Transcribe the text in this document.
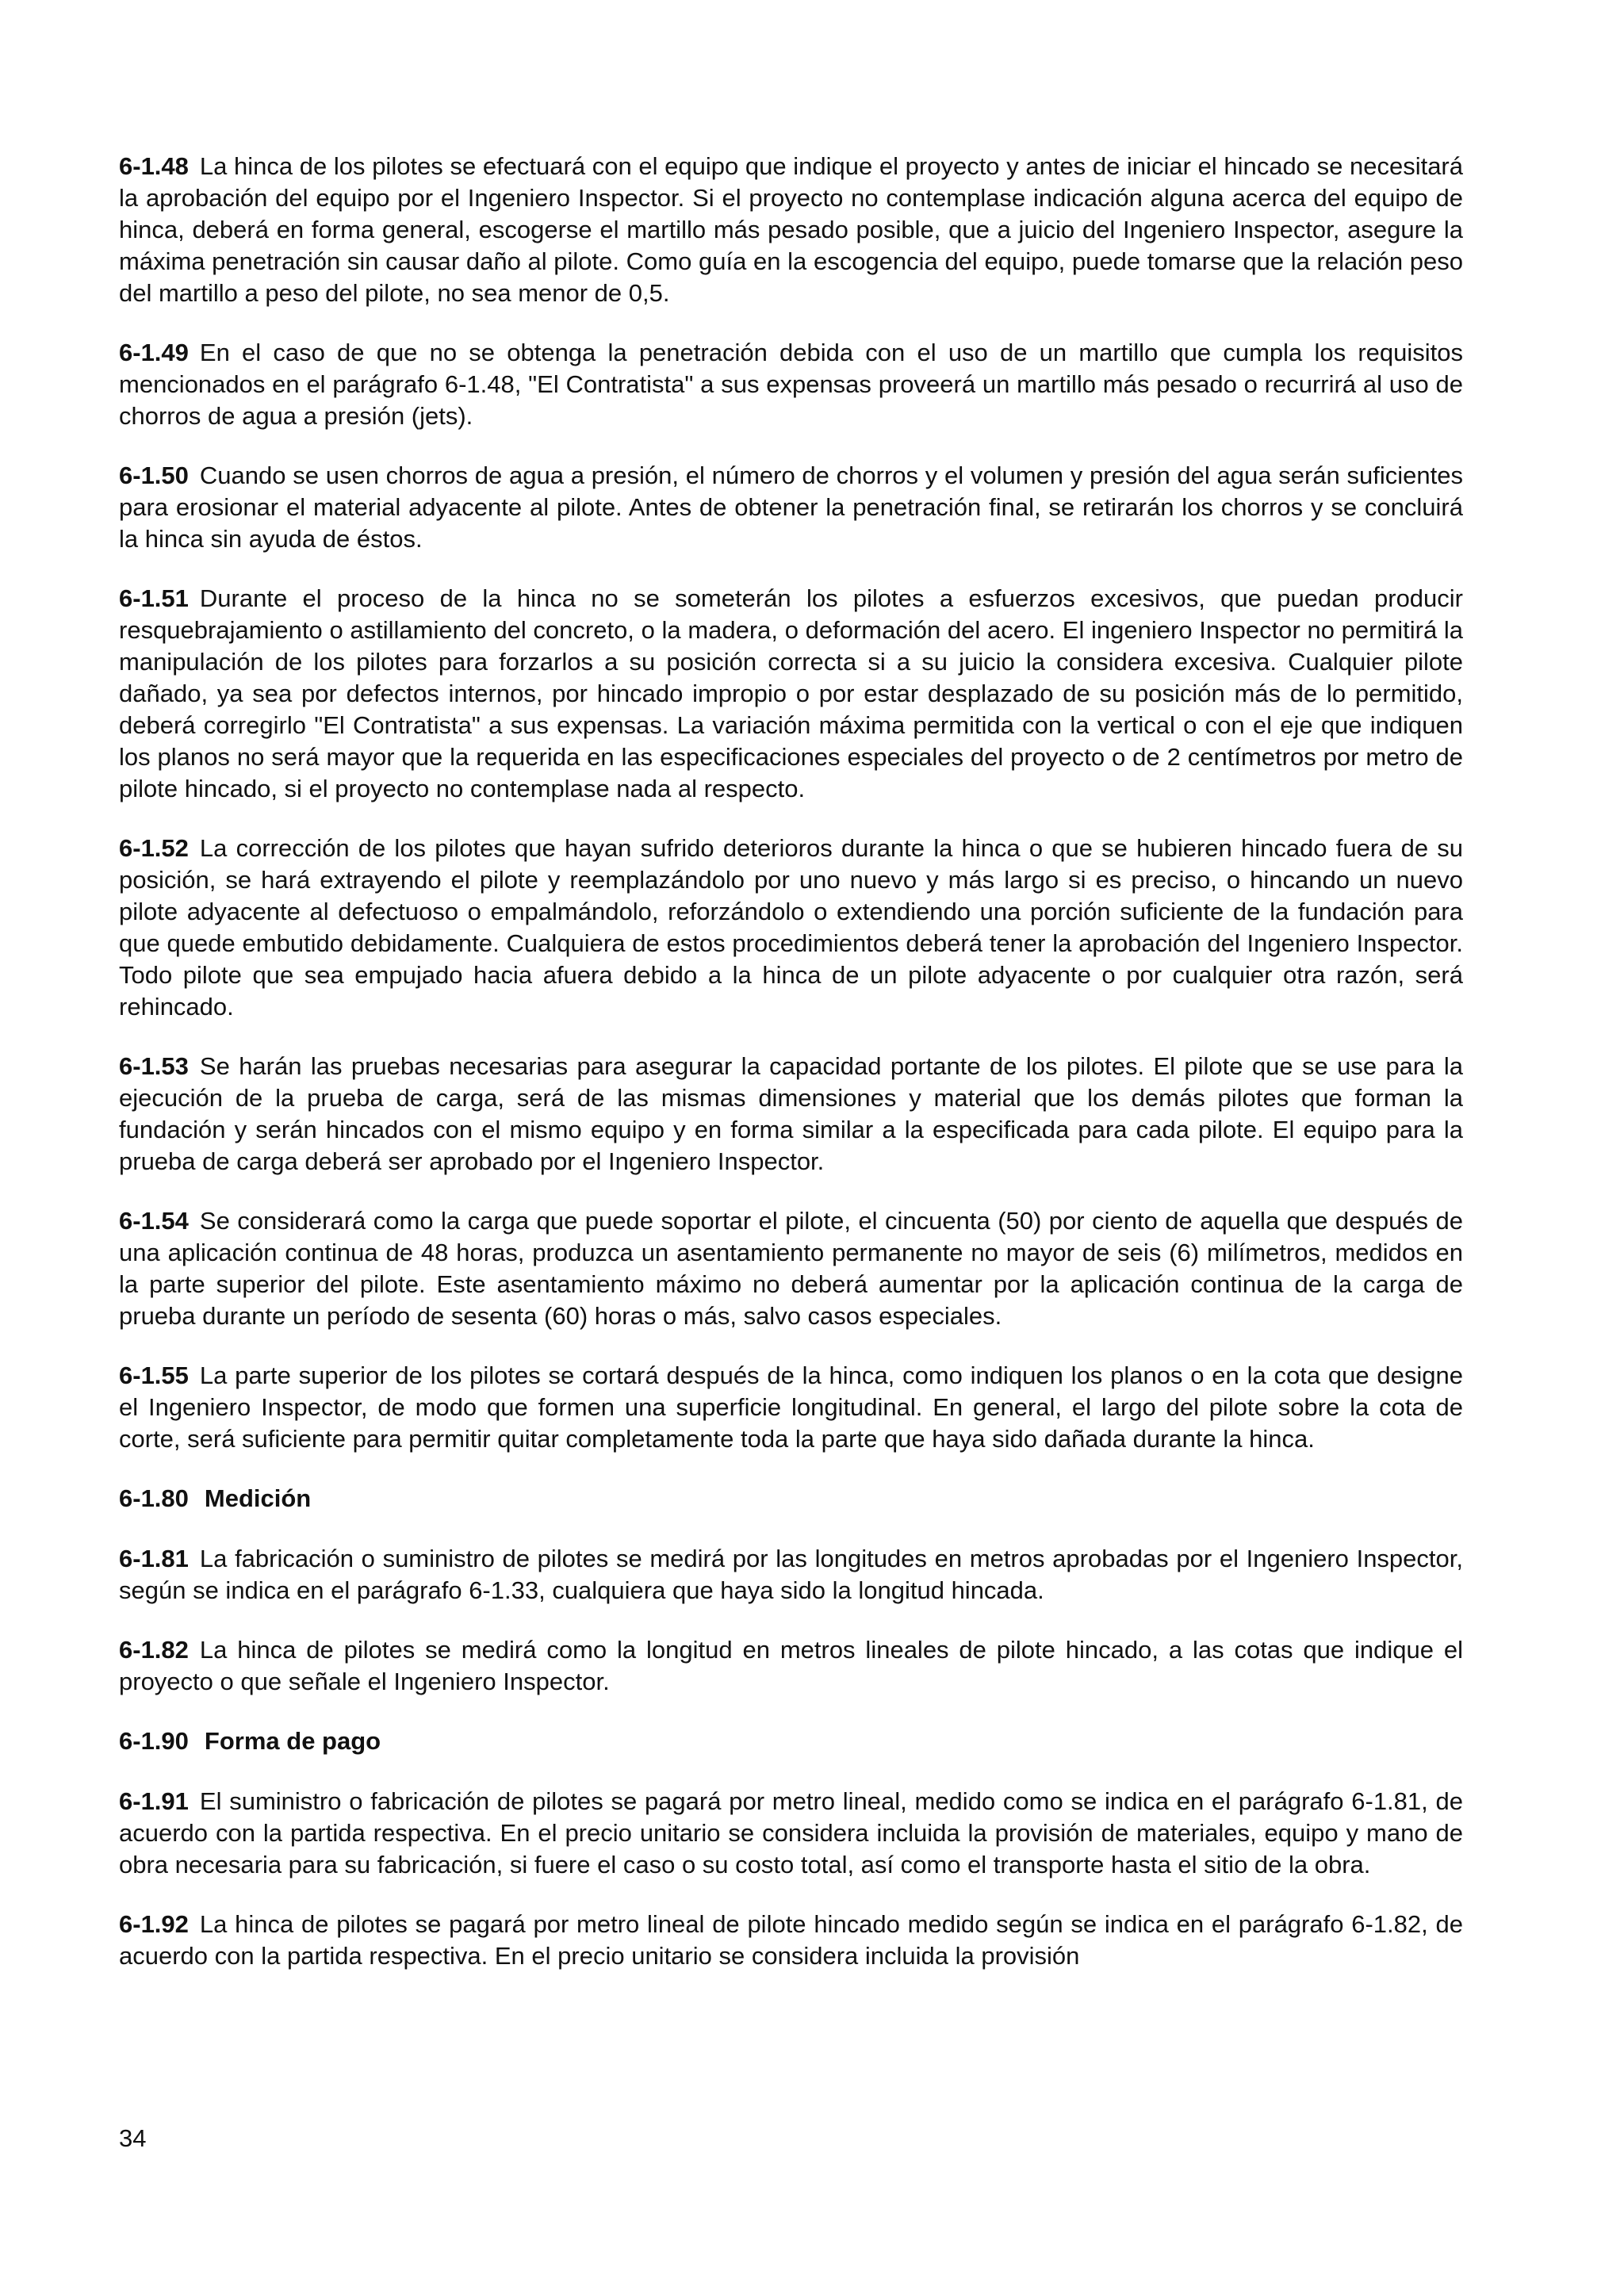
6-1.48 La hinca de los pilotes se efectuará con el equipo que indique el proyecto y antes de iniciar el hincado se necesitará la aprobación del equipo por el Ingeniero Inspector. Si el proyecto no contemplase indicación alguna acerca del equipo de hinca, deberá en forma general, escogerse el martillo más pesado posible, que a juicio del Ingeniero Inspector, asegure la máxima penetración sin causar daño al pilote. Como guía en la escogencia del equipo, puede tomarse que la relación peso del martillo a peso del pilote, no sea menor de 0,5.

6-1.49 En el caso de que no se obtenga la penetración debida con el uso de un martillo que cumpla los requisitos mencionados en el parágrafo 6-1.48, "El Contratista" a sus expensas proveerá un martillo más pesado o recurrirá al uso de chorros de agua a presión (jets).

6-1.50 Cuando se usen chorros de agua a presión, el número de chorros y el volumen y presión del agua serán suficientes para erosionar el material adyacente al pilote. Antes de obtener la penetración final, se retirarán los chorros y se concluirá la hinca sin ayuda de éstos.

6-1.51 Durante el proceso de la hinca no se someterán los pilotes a esfuerzos excesivos, que puedan producir resquebrajamiento o astillamiento del concreto, o la madera, o deformación del acero. El ingeniero Inspector no permitirá la manipulación de los pilotes para forzarlos a su posición correcta si a su juicio la considera excesiva. Cualquier pilote dañado, ya sea por defectos internos, por hincado impropio o por estar desplazado de su posición más de lo permitido, deberá corregirlo "El Contratista" a sus expensas. La variación máxima permitida con la vertical o con el eje que indiquen los planos no será mayor que la requerida en las especificaciones especiales del proyecto o de 2 centímetros por metro de pilote hincado, si el proyecto no contemplase nada al respecto.

6-1.52 La corrección de los pilotes que hayan sufrido deterioros durante la hinca o que se hubieren hincado fuera de su posición, se hará extrayendo el pilote y reemplazándolo por uno nuevo y más largo si es preciso, o hincando un nuevo pilote adyacente al defectuoso o empalmándolo, reforzándolo o extendiendo una porción suficiente de la fundación para que quede embutido debidamente. Cualquiera de estos procedimientos deberá tener la aprobación del Ingeniero Inspector. Todo pilote que sea empujado hacia afuera debido a la hinca de un pilote adyacente o por cualquier otra razón, será rehincado.

6-1.53 Se harán las pruebas necesarias para asegurar la capacidad portante de los pilotes. El pilote que se use para la ejecución de la prueba de carga, será de las mismas dimensiones y material que los demás pilotes que forman la fundación y serán hincados con el mismo equipo y en forma similar a la especificada para cada pilote. El equipo para la prueba de carga deberá ser aprobado por el Ingeniero Inspector.

6-1.54 Se considerará como la carga que puede soportar el pilote, el cincuenta (50) por ciento de aquella que después de una aplicación continua de 48 horas, produzca un asentamiento permanente no mayor de seis (6) milímetros, medidos en la parte superior del pilote. Este asentamiento máximo no deberá aumentar por la aplicación continua de la carga de prueba durante un período de sesenta (60) horas o más, salvo casos especiales.

6-1.55 La parte superior de los pilotes se cortará después de la hinca, como indiquen los planos o en la cota que designe el Ingeniero Inspector, de modo que formen una superficie longitudinal. En general, el largo del pilote sobre la cota de corte, será suficiente para permitir quitar completamente toda la parte que haya sido dañada durante la hinca.

6-1.80 Medición

6-1.81 La fabricación o suministro de pilotes se medirá por las longitudes en metros aprobadas por el Ingeniero Inspector, según se indica en el parágrafo 6-1.33, cualquiera que haya sido la longitud hincada.

6-1.82 La hinca de pilotes se medirá como la longitud en metros lineales de pilote hincado, a las cotas que indique el proyecto o que señale el Ingeniero Inspector.

6-1.90 Forma de pago

6-1.91 El suministro o fabricación de pilotes se pagará por metro lineal, medido como se indica en el parágrafo 6-1.81, de acuerdo con la partida respectiva. En el precio unitario se considera incluida la provisión de materiales, equipo y mano de obra necesaria para su fabricación, si fuere el caso o su costo total, así como el transporte hasta el sitio de la obra.

6-1.92 La hinca de pilotes se pagará por metro lineal de pilote hincado medido según se indica en el parágrafo 6-1.82, de acuerdo con la partida respectiva. En el precio unitario se considera incluida la provisión

34
